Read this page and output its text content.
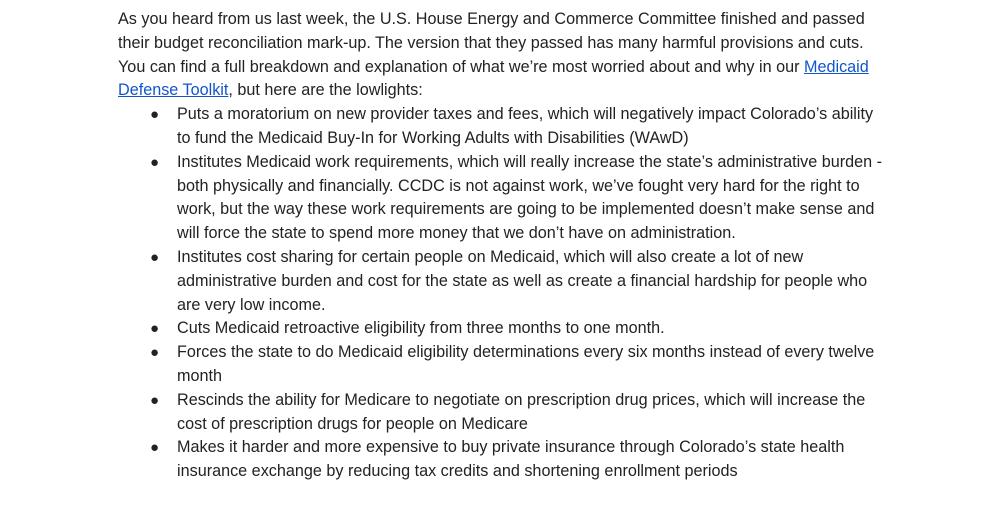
As you heard from us last week, the U.S. House Energy and Commerce Committee finished and passed their budget reconciliation mark-up. The version that they passed has many harmful provisions and cuts. You can find a full breakdown and explanation of what we’re most worried about and why in our Medicaid Defense Toolkit, but here are the lowlights:

● Puts a moratorium on new provider taxes and fees, which will negatively impact Colorado’s ability to fund the Medicaid Buy-In for Working Adults with Disabilities (WAwD)
● Institutes Medicaid work requirements, which will really increase the state’s administrative burden - both physically and financially. CCDC is not against work, we’ve fought very hard for the right to work, but the way these work requirements are going to be implemented doesn’t make sense and will force the state to spend more money that we don’t have on administration.
● Institutes cost sharing for certain people on Medicaid, which will also create a lot of new administrative burden and cost for the state as well as create a financial hardship for people who are very low income.
● Cuts Medicaid retroactive eligibility from three months to one month.
● Forces the state to do Medicaid eligibility determinations every six months instead of every twelve month
● Rescinds the ability for Medicare to negotiate on prescription drug prices, which will increase the cost of prescription drugs for people on Medicare
● Makes it harder and more expensive to buy private insurance through Colorado’s state health insurance exchange by reducing tax credits and shortening enrollment periods
